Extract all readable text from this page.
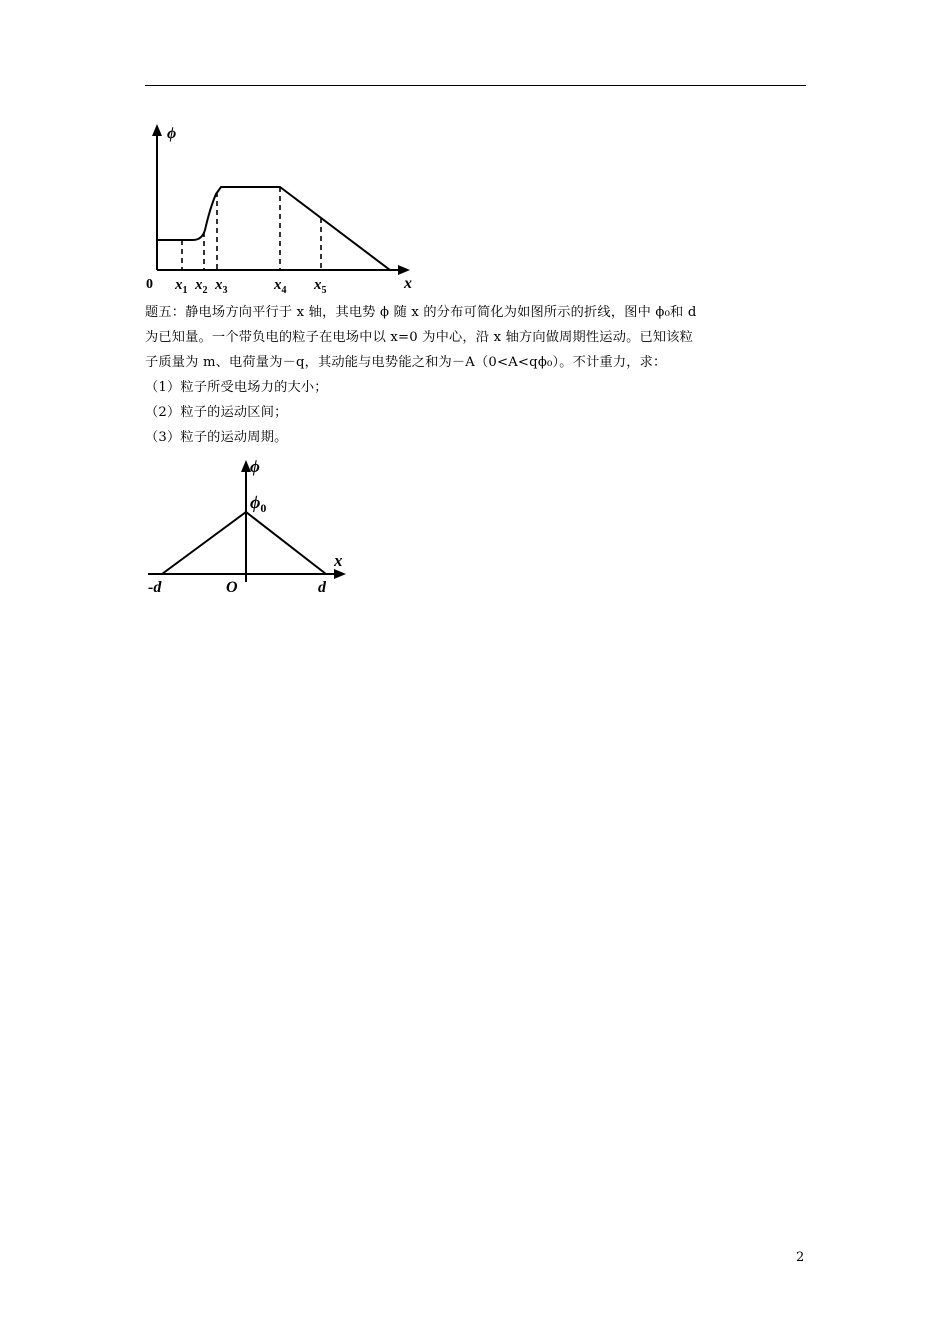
ϕ
0	x
$x_1$ $x_2$ $x_3$	$x_4$ $x_5$

题五：静电场方向平行于 x 轴，其电势 ϕ 随 x 的分布可简化为如图所示的折线，图中 ϕ₀和 d

为已知量。一个带负电的粒子在电场中以 x=0 为中心，沿 x 轴方向做周期性运动。已知该粒

子质量为 m、电荷量为－q，其动能与电势能之和为－A（0<A<qϕ₀）。不计重力，求：

（1）粒子所受电场力的大小；

（2）粒子的运动区间；

（3）粒子的运动周期。

ϕ
$\phi_0$
x
-d	O	d
2
